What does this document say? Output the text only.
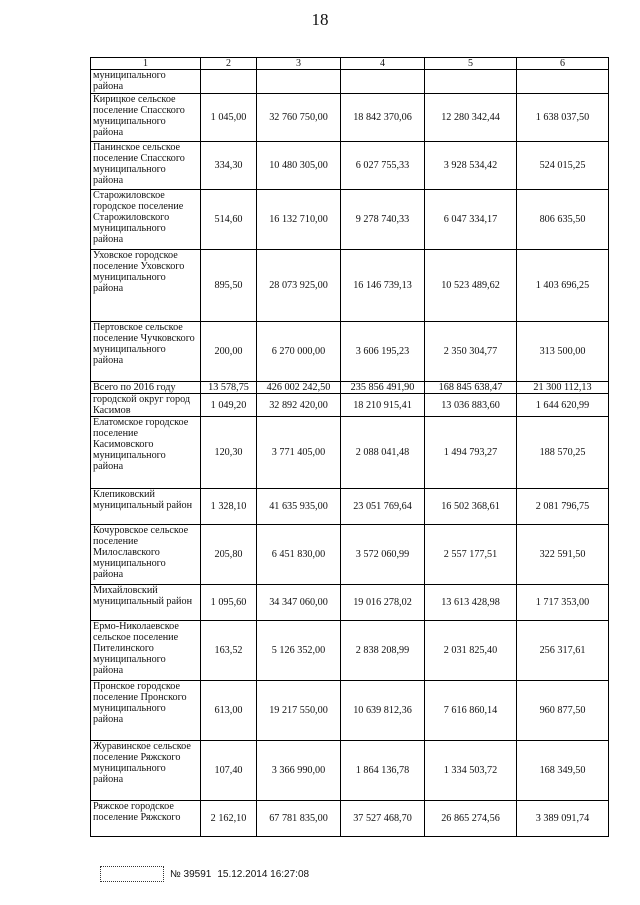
18
1	2	3	4	5	6
муниципального района					
Кирицкое сельское поселение Спасского муниципального района	1 045,00	32 760 750,00	18 842 370,06	12 280 342,44	1 638 037,50
Панинское сельское поселение Спасского муниципального района	334,30	10 480 305,00	6 027 755,33	3 928 534,42	524 015,25
Старожиловское городское поселение Старожиловского муниципального района	514,60	16 132 710,00	9 278 740,33	6 047 334,17	806 635,50
Уховское городское поселение Уховского муниципального района	895,50	28 073 925,00	16 146 739,13	10 523 489,62	1 403 696,25
Пертовское сельское поселение Чучковского муниципального района	200,00	6 270 000,00	3 606 195,23	2 350 304,77	313 500,00
Всего по 2016 году	13 578,75	426 002 242,50	235 856 491,90	168 845 638,47	21 300 112,13
городской округ город Касимов	1 049,20	32 892 420,00	18 210 915,41	13 036 883,60	1 644 620,99
Елатомское городское поселение Касимовского муниципального района	120,30	3 771 405,00	2 088 041,48	1 494 793,27	188 570,25
Клепиковский муниципальный район	1 328,10	41 635 935,00	23 051 769,64	16 502 368,61	2 081 796,75
Кочуровское сельское поселение Милославского муниципального района	205,80	6 451 830,00	3 572 060,99	2 557 177,51	322 591,50
Михайловский муниципальный район	1 095,60	34 347 060,00	19 016 278,02	13 613 428,98	1 717 353,00
Ермо-Николаевское сельское поселение Пителинского муниципального района	163,52	5 126 352,00	2 838 208,99	2 031 825,40	256 317,61
Пронское городское поселение Пронского муниципального района	613,00	19 217 550,00	10 639 812,36	7 616 860,14	960 877,50
Журавинское сельское поселение Ряжского муниципального района	107,40	3 366 990,00	1 864 136,78	1 334 503,72	168 349,50
Ряжское городское поселение Ряжского	2 162,10	67 781 835,00	37 527 468,70	26 865 274,56	3 389 091,74
№ 39591 15.12.2014 16:27:08
